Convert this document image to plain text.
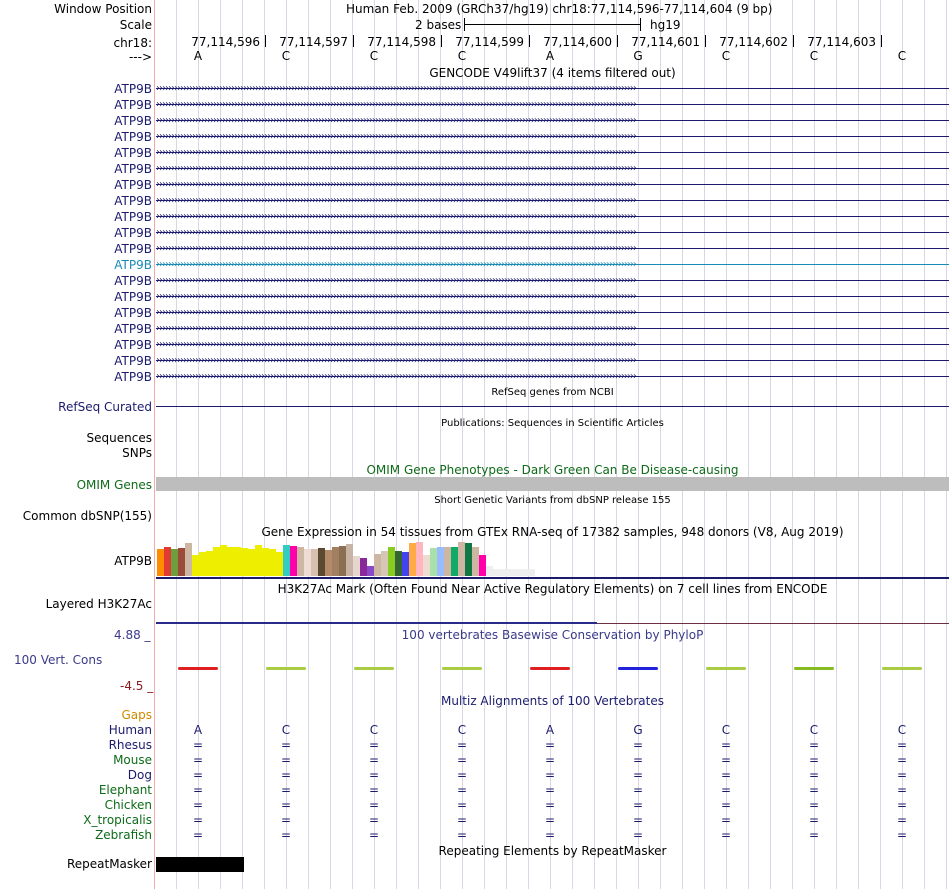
Window Position	Human Feb. 2009 (GRCh37/hg19) chr18:77,114,596-77,114,604 (9 bp)
Scale	2 bases	hg19
chr18:
--->
GENCODE V49lift37 (4 items filtered out)
RefSeq genes from NCBI
RefSeq Curated
Publications: Sequences in Scientific Articles
Sequences
SNPs
OMIM Gene Phenotypes - Dark Green Can Be Disease-causing
OMIM Genes
Short Genetic Variants from dbSNP release 155
Common dbSNP(155)
Gene Expression in 54 tissues from GTEx RNA-seq of 17382 samples, 948 donors (V8, Aug 2019)
ATP9B
H3K27Ac Mark (Often Found Near Active Regulatory Elements) on 7 cell lines from ENCODE
Layered H3K27Ac
100 vertebrates Basewise Conservation by PhyloP
4.88 _
100 Vert. Cons
-4.5 _
Multiz Alignments of 100 Vertebrates
Gaps
Repeating Elements by RepeatMasker
RepeatMasker
77,114,596 77,114,597 77,114,598 77,114,599 77,114,600 77,114,601 77,114,602 77,114,603
A	C	C	C	A	G	C	C	C
ATP9B ››››››››››››››››››››››››››››››››››››››››››››››››››››››››››››››››››››››››››››››››››››››››››››››››››››››››››››››››››››››››››››››››››››››››››››››››››››››››››››››››
ATP9B ››››››››››››››››››››››››››››››››››››››››››››››››››››››››››››››››››››››››››››››››››››››››››››››››››››››››››››››››››››››››››››››››››››››››››››››››››››››››››››››››
ATP9B ››››››››››››››››››››››››››››››››››››››››››››››››››››››››››››››››››››››››››››››››››››››››››››››››››››››››››››››››››››››››››››››››››››››››››››››››››››››››››››››››
ATP9B ››››››››››››››››››››››››››››››››››››››››››››››››››››››››››››››››››››››››››››››››››››››››››››››››››››››››››››››››››››››››››››››››››››››››››››››››››››››››››››››››
ATP9B ››››››››››››››››››››››››››››››››››››››››››››››››››››››››››››››››››››››››››››››››››››››››››››››››››››››››››››››››››››››››››››››››››››››››››››››››››››››››››››››››
ATP9B ››››››››››››››››››››››››››››››››››››››››››››››››››››››››››››››››››››››››››››››››››››››››››››››››››››››››››››››››››››››››››››››››››››››››››››››››››››››››››››››››
ATP9B ››››››››››››››››››››››››››››››››››››››››››››››››››››››››››››››››››››››››››››››››››››››››››››››››››››››››››››››››››››››››››››››››››››››››››››››››››››››››››››››››
ATP9B ››››››››››››››››››››››››››››››››››››››››››››››››››››››››››››››››››››››››››››››››››››››››››››››››››››››››››››››››››››››››››››››››››››››››››››››››››››››››››››››››
ATP9B ››››››››››››››››››››››››››››››››››››››››››››››››››››››››››››››››››››››››››››››››››››››››››››››››››››››››››››››››››››››››››››››››››››››››››››››››››››››››››››››››
ATP9B ››››››››››››››››››››››››››››››››››››››››››››››››››››››››››››››››››››››››››››››››››››››››››››››››››››››››››››››››››››››››››››››››››››››››››››››››››››››››››››››››
ATP9B ››››››››››››››››››››››››››››››››››››››››››››››››››››››››››››››››››››››››››››››››››››››››››››››››››››››››››››››››››››››››››››››››››››››››››››››››››››››››››››››››
ATP9B ››››››››››››››››››››››››››››››››››››››››››››››››››››››››››››››››››››››››››››››››››››››››››››››››››››››››››››››››››››››››››››››››››››››››››››››››››››››››››››››››
ATP9B ››››››››››››››››››››››››››››››››››››››››››››››››››››››››››››››››››››››››››››››››››››››››››››››››››››››››››››››››››››››››››››››››››››››››››››››››››››››››››››››››
ATP9B ››››››››››››››››››››››››››››››››››››››››››››››››››››››››››››››››››››››››››››››››››››››››››››››››››››››››››››››››››››››››››››››››››››››››››››››››››››››››››››››››
ATP9B ››››››››››››››››››››››››››››››››››››››››››››››››››››››››››››››››››››››››››››››››››››››››››››››››››››››››››››››››››››››››››››››››››››››››››››››››››››››››››››››››
ATP9B ››››››››››››››››››››››››››››››››››››››››››››››››››››››››››››››››››››››››››››››››››››››››››››››››››››››››››››››››››››››››››››››››››››››››››››››››››››››››››››››››
ATP9B ››››››››››››››››››››››››››››››››››››››››››››››››››››››››››››››››››››››››››››››››››››››››››››››››››››››››››››››››››››››››››››››››››››››››››››››››››››››››››››››››
ATP9B ››››››››››››››››››››››››››››››››››››››››››››››››››››››››››››››››››››››››››››››››››››››››››››››››››››››››››››››››››››››››››››››››››››››››››››››››››››››››››››››››
ATP9B ››››››››››››››››››››››››››››››››››››››››››››››››››››››››››››››››››››››››››››››››››››››››››››››››››››››››››››››››››››››››››››››››››››››››››››››››››››››››››››››››
Human	A	C	C	C	A	G	C	C	C
Rhesus	=	=	=	=	=	=	=	=	=
Mouse	=	=	=	=	=	=	=	=	=
Dog	=	=	=	=	=	=	=	=	=
Elephant	=	=	=	=	=	=	=	=	=
Chicken	=	=	=	=	=	=	=	=	=
X_tropicalis	=	=	=	=	=	=	=	=	=
Zebrafish	=	=	=	=	=	=	=	=	=
